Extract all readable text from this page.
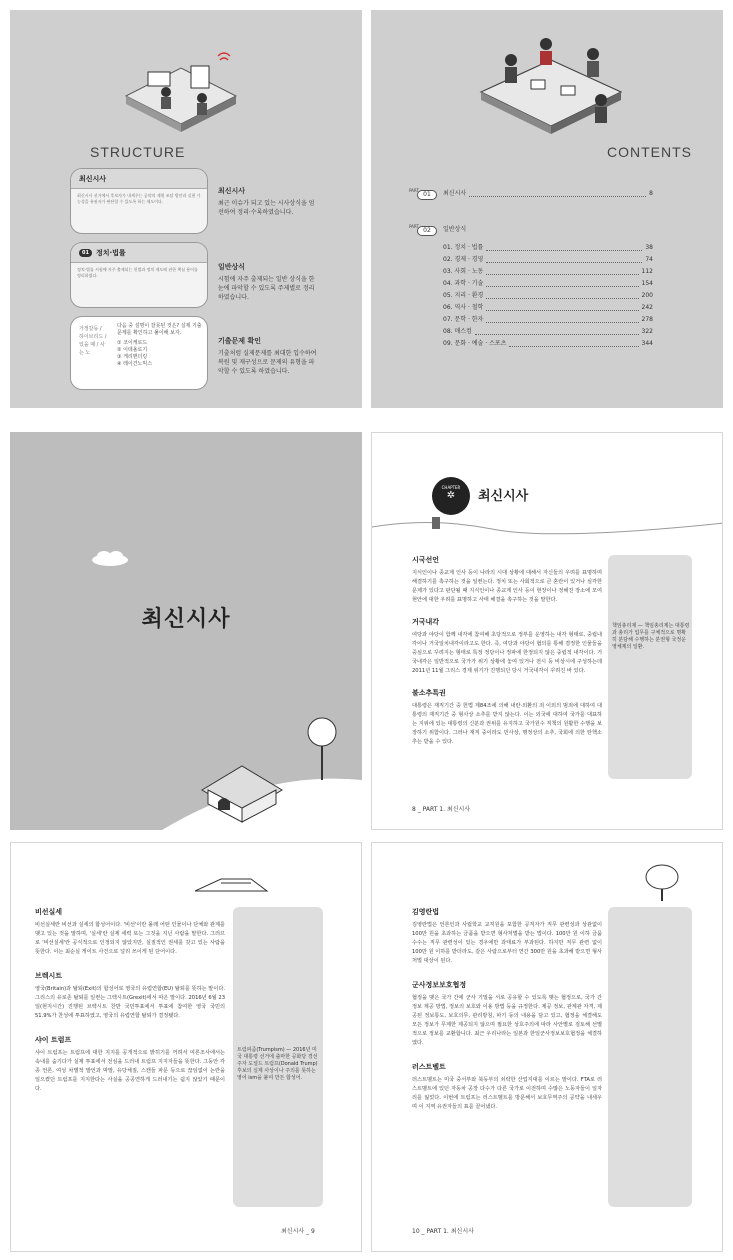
STRUCTURE
최신시사
최신시사 선거에서 후보자가 내세우는 공약의 재원 조달 방안과 실현 가능성을 유권자가 판단할 수 있도록 하는 제도이다.
최신시사
최근 이슈가 되고 있는 시사상식을 엄선하여 정리·수록하였습니다.
01	정치·법률
정치·법률 시험에 자주 출제되는 헌법과 정치 제도에 관한 핵심 용어를 정리하였다.
일반상식
시험에 자주 출제되는 일반 상식을 한눈에 파악할 수 있도록 주제별로 정리하였습니다.
가정갈등 / 하이브리드 / 있을 때 / 사는 노
다음 중 설명이 잘못된 것은? 실제 기출 문제를 확인하고 풀이해 보자.
① 코이케로드
② 이데올로기
③ 게리맨더링
④ 레이건노믹스
기출문제 확인
기출처럼 실제문제를 최대한 입수하여 복원 및 재구성으로 문제의 유형을 파악할 수 있도록 하였습니다.
CONTENTS
PART
01	최신시사	8
PART
02	일반상식
01. 정치 · 법률	38
02. 경제 · 경영	74
03. 사회 · 노동	112
04. 과학 · 기술	154
05. 지리 · 환경	200
06. 역사 · 철학	242
07. 문학 · 한자	278
08. 매스컴	322
09. 문화 · 예술 · 스포츠	344
최신시사
CHAPTER
✲	최신시사
시국선언
지식인이나 종교계 인사 등이 나라의 시대 상황에 대해서 자신들의 우려를 표명하며 해결하기를 촉구하는 것을 일컫는다. 정치 또는 사회적으로 큰 혼란이 있거나 심각한 문제가 있다고 판단될 때 지식인이나 종교계 인사 등이 현장이나 정해진 장소에 모여 현안에 대한 우려를 표명하고 사태 해결을 촉구하는 것을 말한다.
거국내각
여당과 야당이 함께 내각에 참여해 초당적으로 정부를 운영하는 내각 형태로, 중립내각이나 거국일치내각이라고도 한다. 즉, 여당과 야당이 협의를 통해 결정한 인물들을 중심으로 꾸려지는 형태로 특정 정당이나 정파에 한정되지 않은 중립적 내각이다. 거국내각은 일반적으로 국가가 위기 상황에 놓여 있거나 전시 등 비상시에 구성하는데 2011년 11월 그리스 경제 위기가 진행되던 당시 거국내각이 꾸려진 바 있다.
불소추특권
대통령은 재직기간 중 헌법 제84조에 의해 내란·외환의 죄 이외의 범죄에 대하여 대통령의 재직기간 중 형사상 소추를 받지 않는다. 이는 외국에 대하여 국가를 대표하는 지위에 있는 대통령의 신분과 권위를 유지하고 국가원수 직책의 원활한 수행을 보장하기 위함이다. 그러나 재직 중이라도 민사상, 행정상의 소추, 국회에 의한 탄핵소추는 받을 수 있다.
책임총리제 — 책임총리제는 대통령과 총리가 업무를 구체적으로 명확히 분담해 수행하는 분권형 국정운영체제의 일환.
8 _ PART 1. 최신시사
비선실세
비선실세란 비선과 실세의 합성어이다. '비선'이란 몰래 어떤 인물이나 단체와 관계를 맺고 있는 것을 말하며, '실세'란 실제 세력 또는 그것을 지닌 사람을 말한다. 그러므로 '비선실세'란 공식적으로 인정되지 않았지만, 실질적인 권세를 갖고 있는 사람을 뜻한다. 이는 최순실 게이트 사건으로 널리 쓰이게 된 단어이다.
브렉시트
영국(Britain)과 탈퇴(Exit)의 합성어로 영국의 유럽연합(EU) 탈퇴를 뜻하는 말이다. 그리스의 유로존 탈퇴를 일컫는 그렉시트(Grexit)에서 따온 말이다. 2016년 6월 23일(현지시간) 진행된 브렉시트 찬반 국민투표에서 투표에 참여한 영국 국민의 51.9%가 찬성에 투표하였고, 영국의 유럽연합 탈퇴가 결정됐다.
샤이 트럼프
샤이 트럼프는 트럼프에 대한 지지를 공개적으로 밝히기를 꺼려서 여론조사에서는 속내를 숨기다가 실제 투표에서 전심을 드러내 트럼프 지지자들을 뜻한다. 그동안 각종 언론, 여성 차별적 발언과 막말, 유당체질, 스캔들 파문 등으로 끊임없이 논란을 일으켰던 트럼프를 지지한다는 사실을 공공연하게 드러내기는 쉽지 않았기 때문이다.
트럼피즘(Trumpism) — 2016년 미국 대통령 선거에 출마한 공화당 경선주자 도널드 트럼프(Donald Trump) 후보의 실제 사상이나 주의를 뜻하는 영어 ism을 붙여 만든 합성어.
최신시사 _ 9
김영란법
김영란법은 언론인과 사립학교 교직원을 포함한 공직자가 직무 관련성과 상관없이 100만 원을 초과하는 금품을 받으면 형사처벌을 받는 법이다. 100만 원 이하 금품 수수는 직무 관련성이 있는 경우에만 과태료가 부과된다. 하지만 직무 관련 없이 100만 원 이하를 받더라도, 같은 사람으로부터 연간 300만 원을 초과해 받으면 형사처벌 대상이 된다.
군사정보보호협정
협정을 맺은 국가 간에 군사 기밀을 서로 공유할 수 있도록 맺는 협정으로, 국가 간 정보 제공 방법, 정보의 보호와 이용 방법 등을 규정한다. 제공 정보, 관계관 자격, 제공된 정보통도, 보호의무, 관리방침, 파기 등의 내용을 담고 있고, 협정을 체결해도 모든 정보가 무제한 제공되지 않으며 필요한 상호주의에 따라 사안별로 검토해 선별적으로 정보를 교환합니다. 최근 우리나라는 일본과 한일군사정보보호협정을 체결하였다.
러스트벨트
러스트벨트는 미국 중서부와 북동부의 쇠락한 산업지대를 이르는 말이다. FTA로 러스트벨트에 있던 자동차 공장 다수가 다른 국가로 이전하며 수많은 노동자들이 일자리를 잃었다. 이번에 트럼프는 러스트벨트를 방문해서 보호무역주의 공약을 내세우며 이 지역 유권자들의 표를 끌어냈다.
10 _ PART 1. 최신시사
